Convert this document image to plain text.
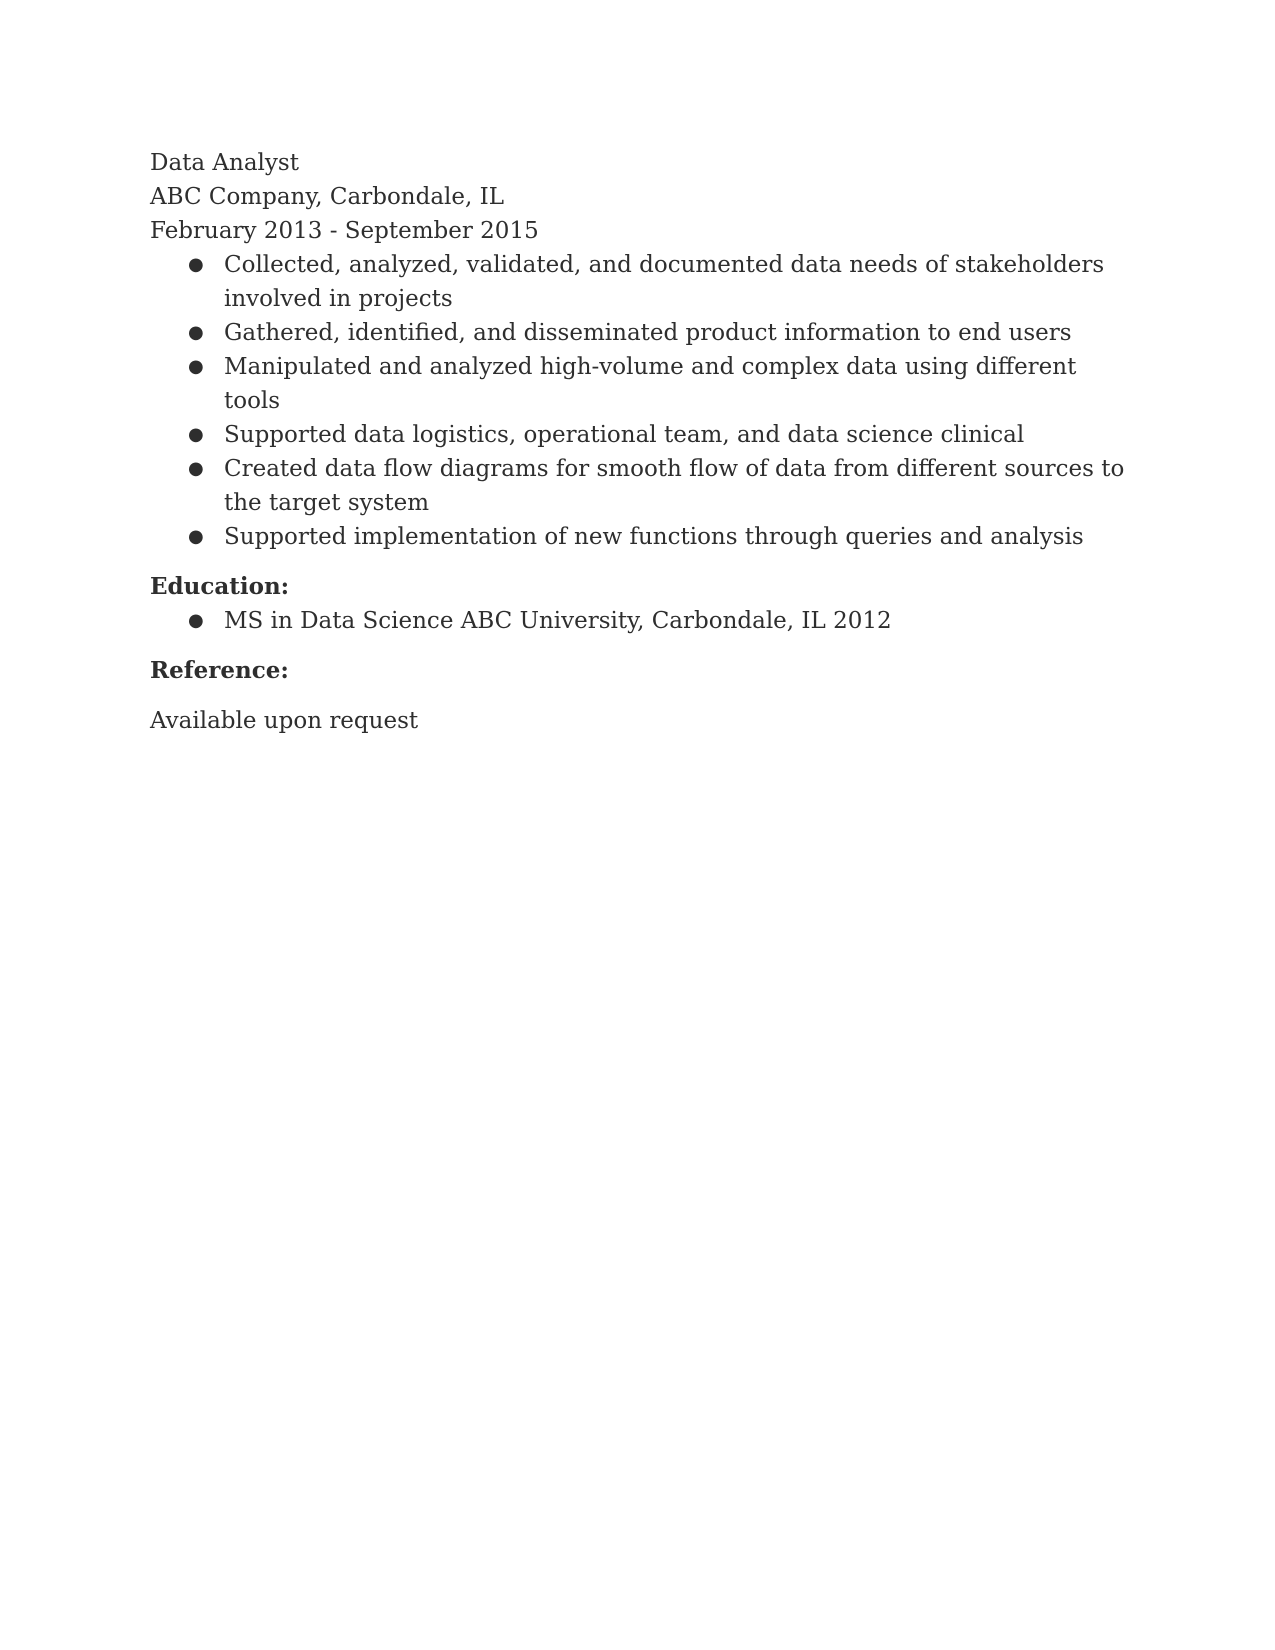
Data Analyst
ABC Company, Carbondale, IL
February 2013 - September 2015
● Collected, analyzed, validated, and documented data needs of stakeholders involved in projects
● Gathered, identified, and disseminated product information to end users
● Manipulated and analyzed high-volume and complex data using different tools
● Supported data logistics, operational team, and data science clinical
● Created data flow diagrams for smooth flow of data from different sources to the target system
● Supported implementation of new functions through queries and analysis
Education:
● MS in Data Science ABC University, Carbondale, IL 2012
Reference:
Available upon request
